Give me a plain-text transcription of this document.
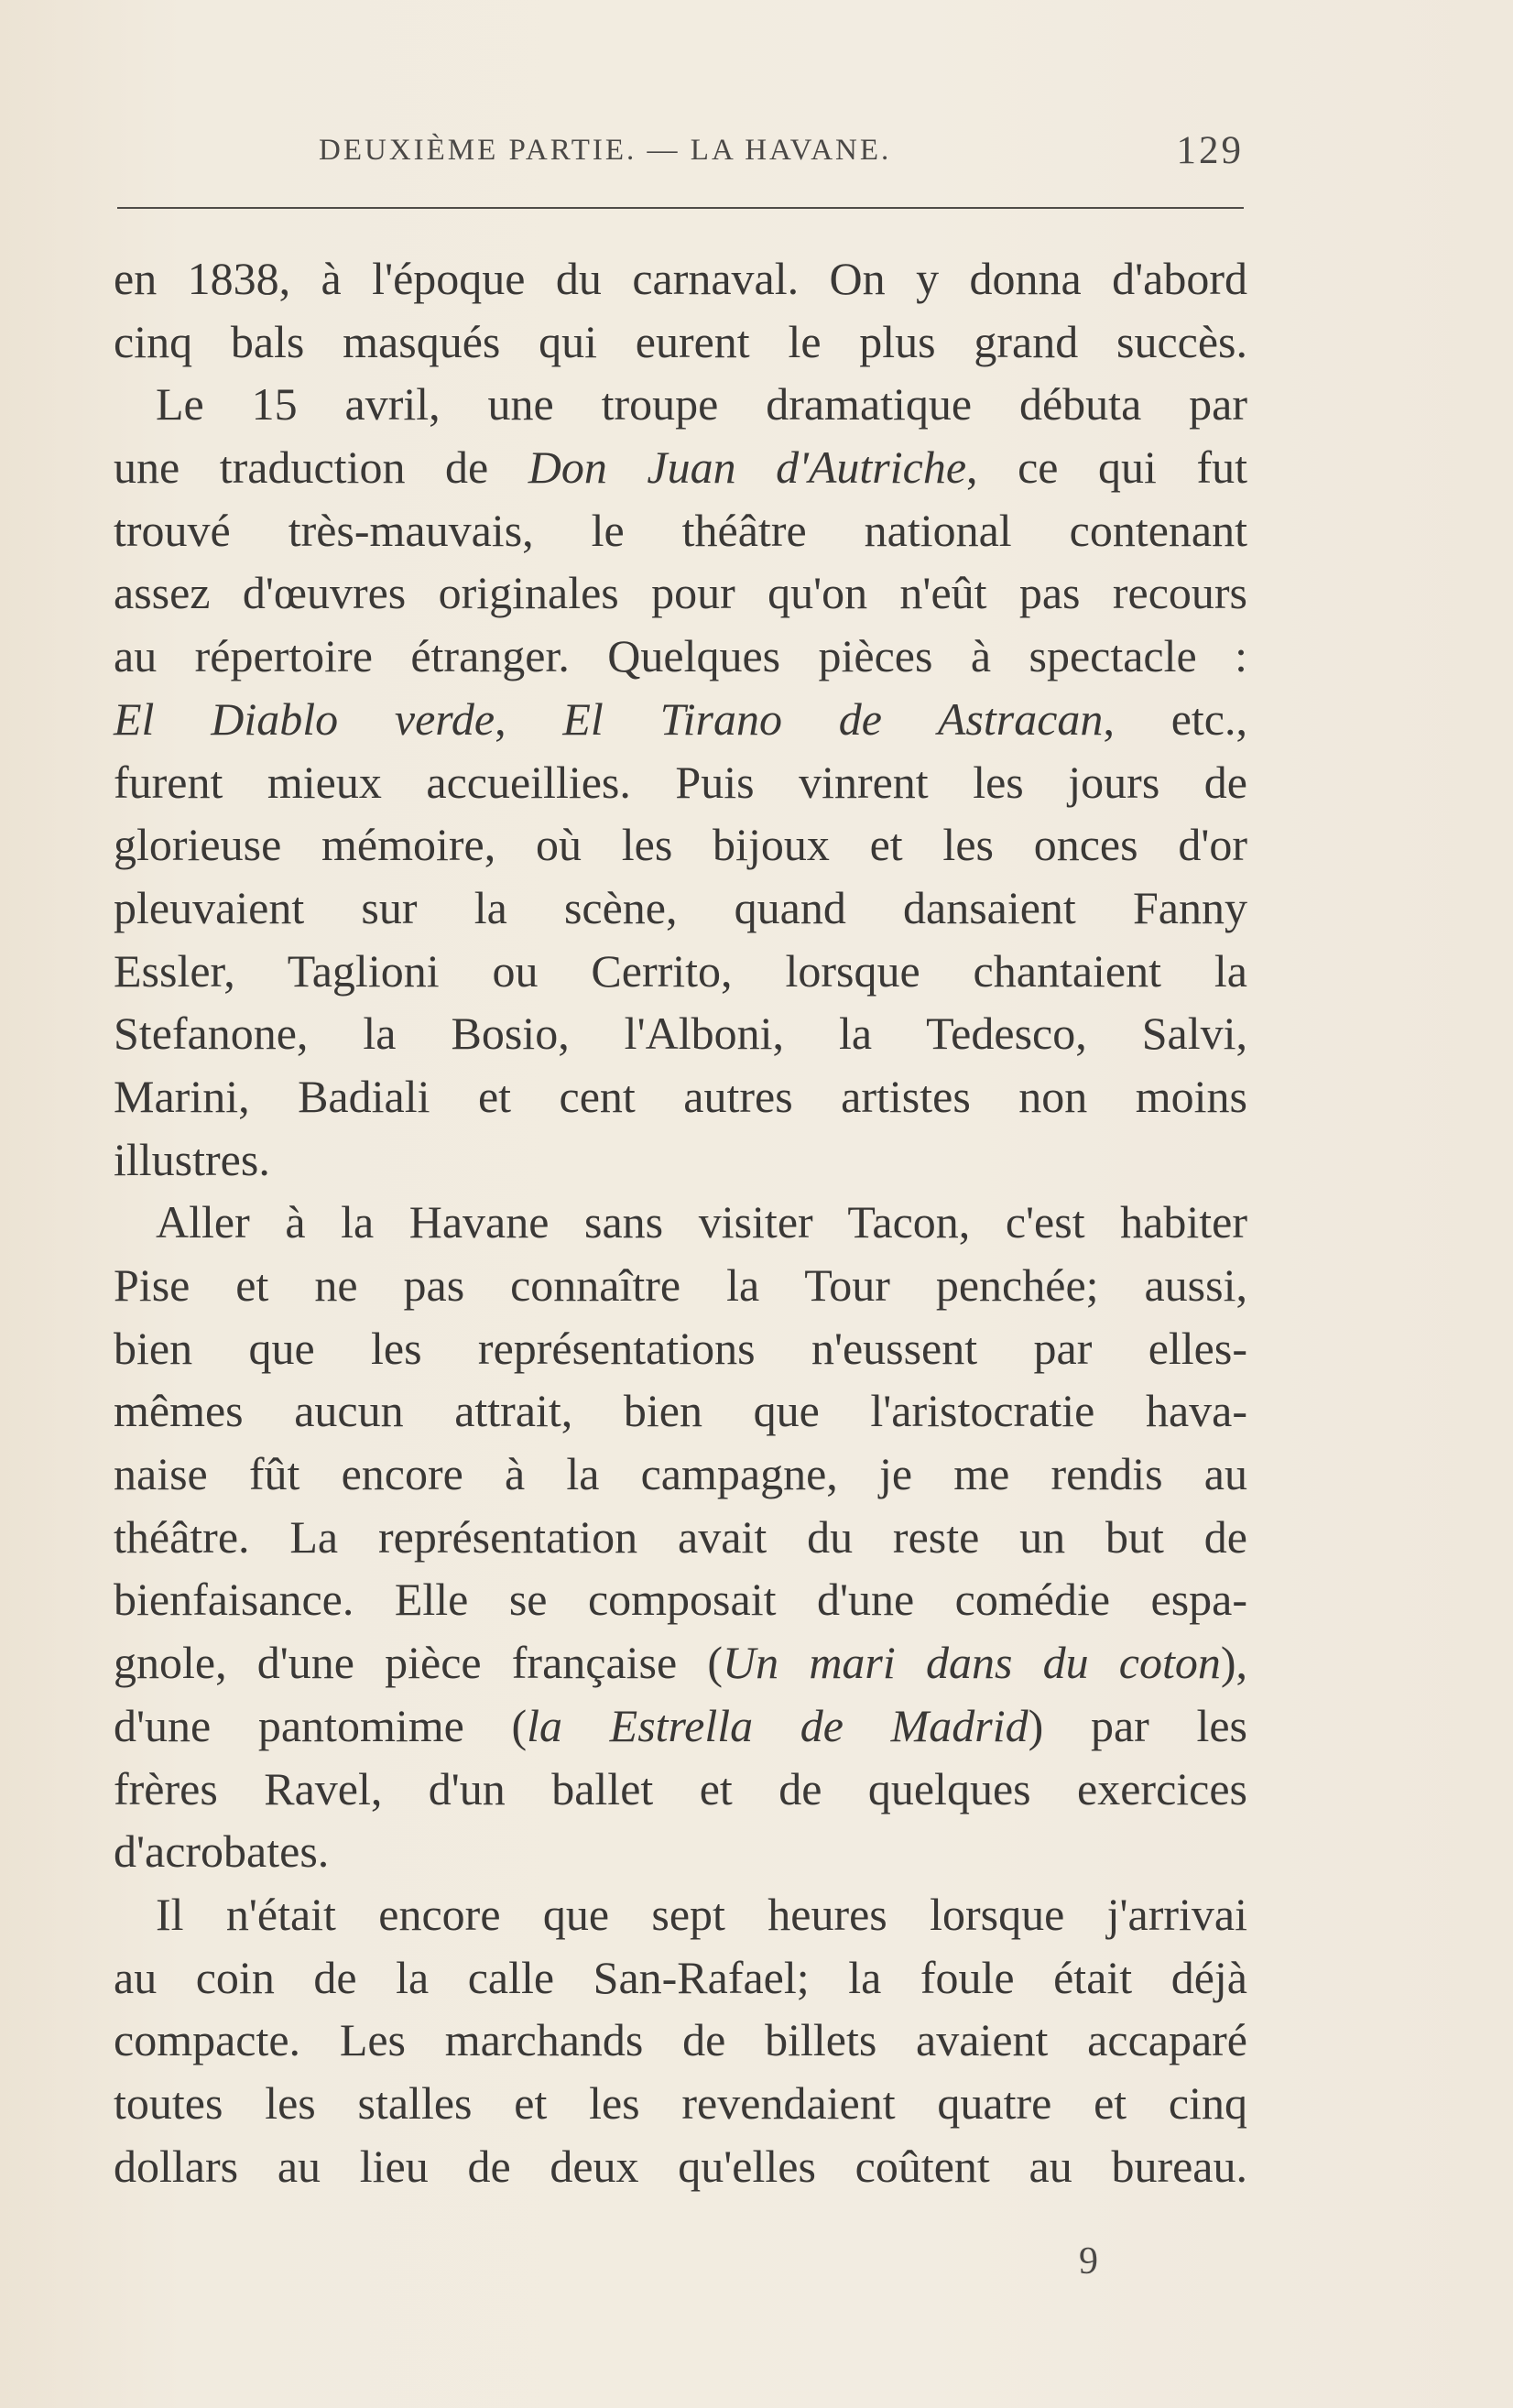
DEUXIÈME PARTIE. — LA HAVANE.	129
en 1838, à l'époque du carnaval. On y donna d'abord
cinq bals masqués qui eurent le plus grand succès.
Le 15 avril, une troupe dramatique débuta par
une traduction de Don Juan d'Autriche, ce qui fut
trouvé très-mauvais, le théâtre national contenant
assez d'œuvres originales pour qu'on n'eût pas recours
au répertoire étranger. Quelques pièces à spectacle :
El Diablo verde, El Tirano de Astracan, etc.,
furent mieux accueillies. Puis vinrent les jours de
glorieuse mémoire, où les bijoux et les onces d'or
pleuvaient sur la scène, quand dansaient Fanny
Essler, Taglioni ou Cerrito, lorsque chantaient la
Stefanone, la Bosio, l'Alboni, la Tedesco, Salvi,
Marini, Badiali et cent autres artistes non moins
illustres.
Aller à la Havane sans visiter Tacon, c'est habiter
Pise et ne pas connaître la Tour penchée; aussi,
bien que les représentations n'eussent par elles-
mêmes aucun attrait, bien que l'aristocratie hava-
naise fût encore à la campagne, je me rendis au
théâtre. La représentation avait du reste un but de
bienfaisance. Elle se composait d'une comédie espa-
gnole, d'une pièce française (Un mari dans du coton),
d'une pantomime (la Estrella de Madrid) par les
frères Ravel, d'un ballet et de quelques exercices
d'acrobates.
Il n'était encore que sept heures lorsque j'arrivai
au coin de la calle San-Rafael; la foule était déjà
compacte. Les marchands de billets avaient accaparé
toutes les stalles et les revendaient quatre et cinq
dollars au lieu de deux qu'elles coûtent au bureau.
9
